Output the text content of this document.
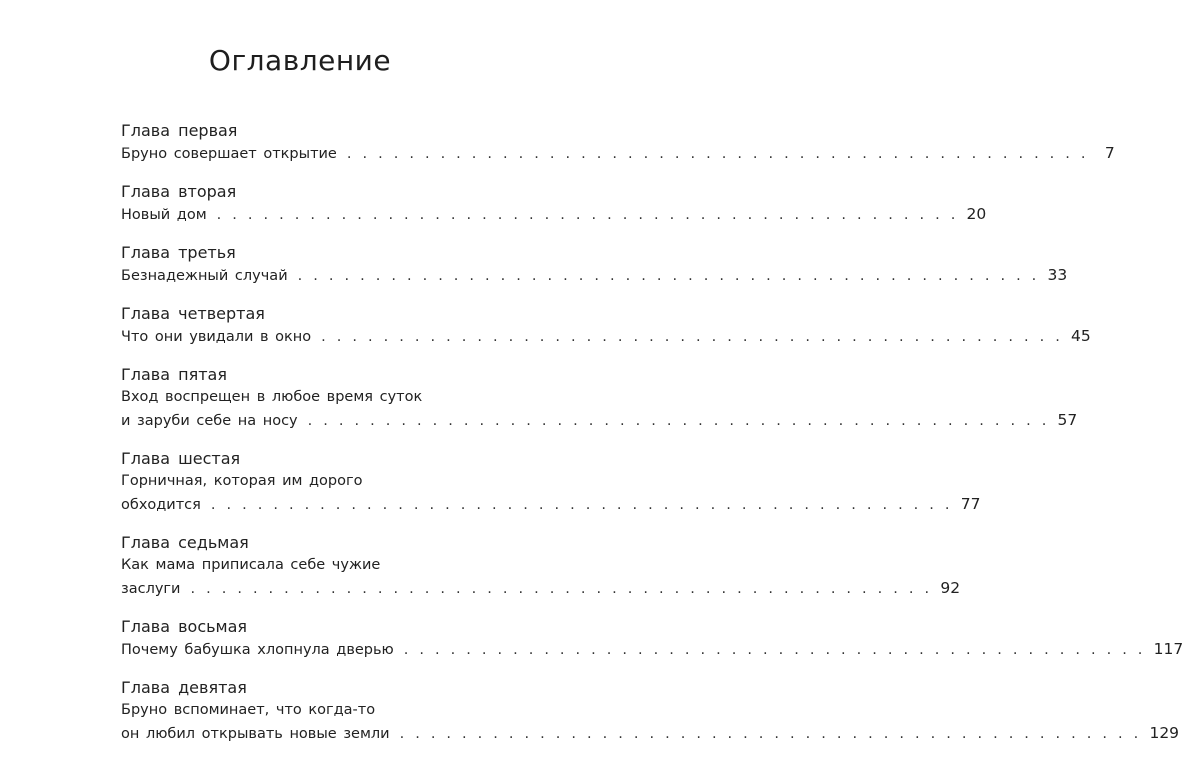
Оглавление
Глава первая
Бруно совершает открытие . . . . . . . . . . . . . . . . . . . . . . . . . . . . . . . . . . . . . . . . . . . . . . . .	7
Глава вторая
Новый дом . . . . . . . . . . . . . . . . . . . . . . . . . . . . . . . . . . . . . . . . . . . . . . . . 20
Глава третья
Безнадежный случай . . . . . . . . . . . . . . . . . . . . . . . . . . . . . . . . . . . . . . . . . . . . . . . . 33
Глава четвертая
Что они увидали в окно . . . . . . . . . . . . . . . . . . . . . . . . . . . . . . . . . . . . . . . . . . . . . . . . 45
Глава пятая
Вход воспрещен в любое время суток
и заруби себе на носу . . . . . . . . . . . . . . . . . . . . . . . . . . . . . . . . . . . . . . . . . . . . . . . . 57
Глава шестая
Горничная, которая им дорого
обходится . . . . . . . . . . . . . . . . . . . . . . . . . . . . . . . . . . . . . . . . . . . . . . . . 77
Глава седьмая
Как мама приписала себе чужие
заслуги . . . . . . . . . . . . . . . . . . . . . . . . . . . . . . . . . . . . . . . . . . . . . . . . 92
Глава восьмая
Почему бабушка хлопнула дверью . . . . . . . . . . . . . . . . . . . . . . . . . . . . . . . . . . . . . . . . . . . . . . . . 117
Глава девятая
Бруно вспоминает, что когда-то
он любил открывать новые земли . . . . . . . . . . . . . . . . . . . . . . . . . . . . . . . . . . . . . . . . . . . . . . . . 129
